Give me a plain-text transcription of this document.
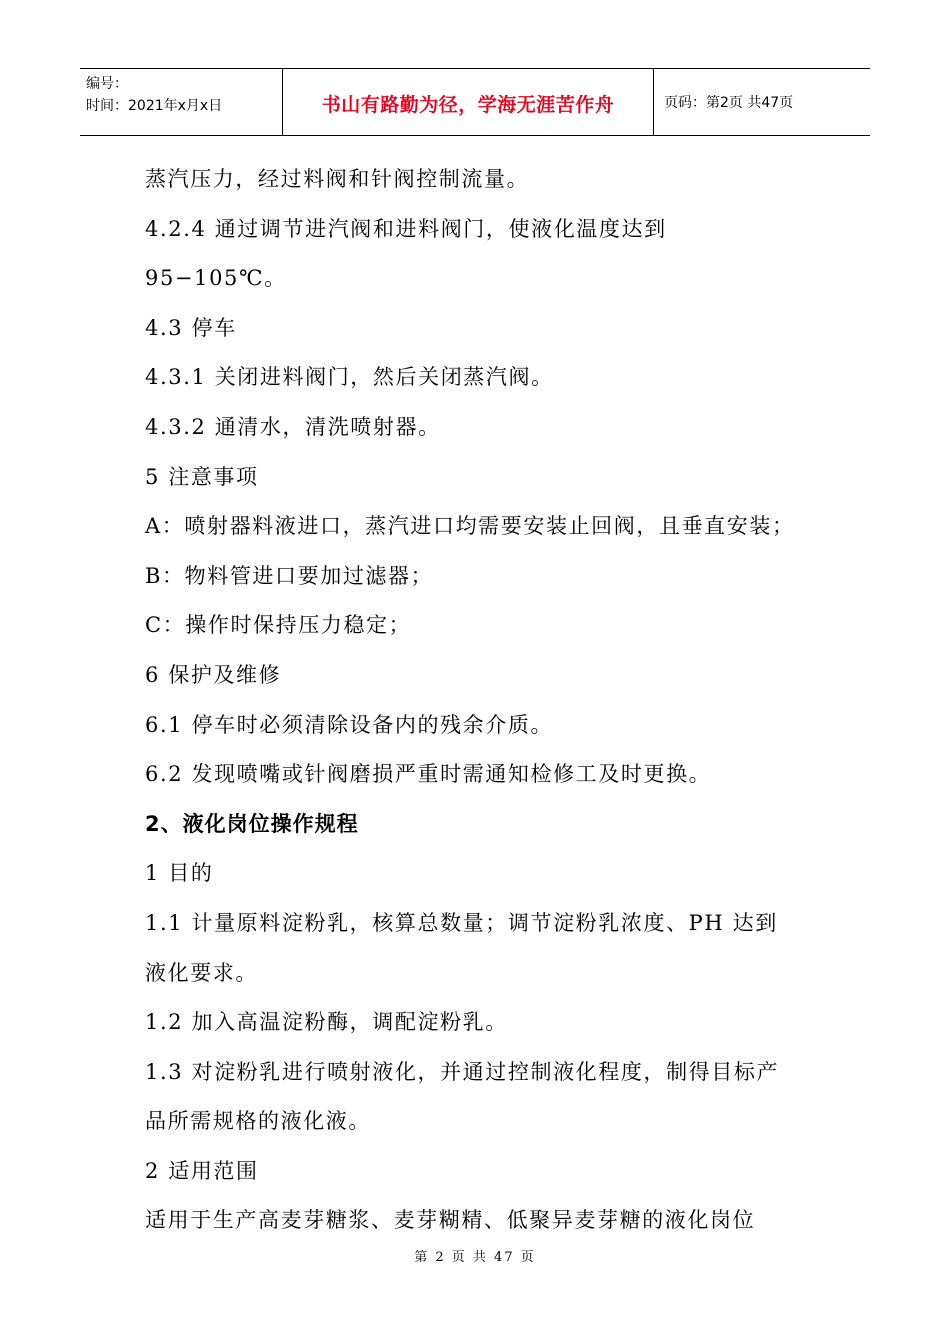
编号：
时间：2021年x月x日	书山有路勤为径，学海无涯苦作舟	页码：第2页 共47页

蒸汽压力，经过料阀和针阀控制流量。

4.2.4 通过调节进汽阀和进料阀门，使液化温度达到 95−105℃。

4.3 停车

4.3.1 关闭进料阀门，然后关闭蒸汽阀。

4.3.2 通清水，清洗喷射器。

5 注意事项

A：喷射器料液进口，蒸汽进口均需要安装止回阀，且垂直安装；

B：物料管进口要加过滤器；

C：操作时保持压力稳定；

6 保护及维修

6.1 停车时必须清除设备内的残余介质。

6.2 发现喷嘴或针阀磨损严重时需通知检修工及时更换。

2、液化岗位操作规程

1 目的

1.1 计量原料淀粉乳，核算总数量；调节淀粉乳浓度、PH 达到

液化要求。

1.2 加入高温淀粉酶，调配淀粉乳。

1.3 对淀粉乳进行喷射液化，并通过控制液化程度，制得目标产

品所需规格的液化液。

2 适用范围

适用于生产高麦芽糖浆、麦芽糊精、低聚异麦芽糖的液化岗位

第 2 页 共 47 页
